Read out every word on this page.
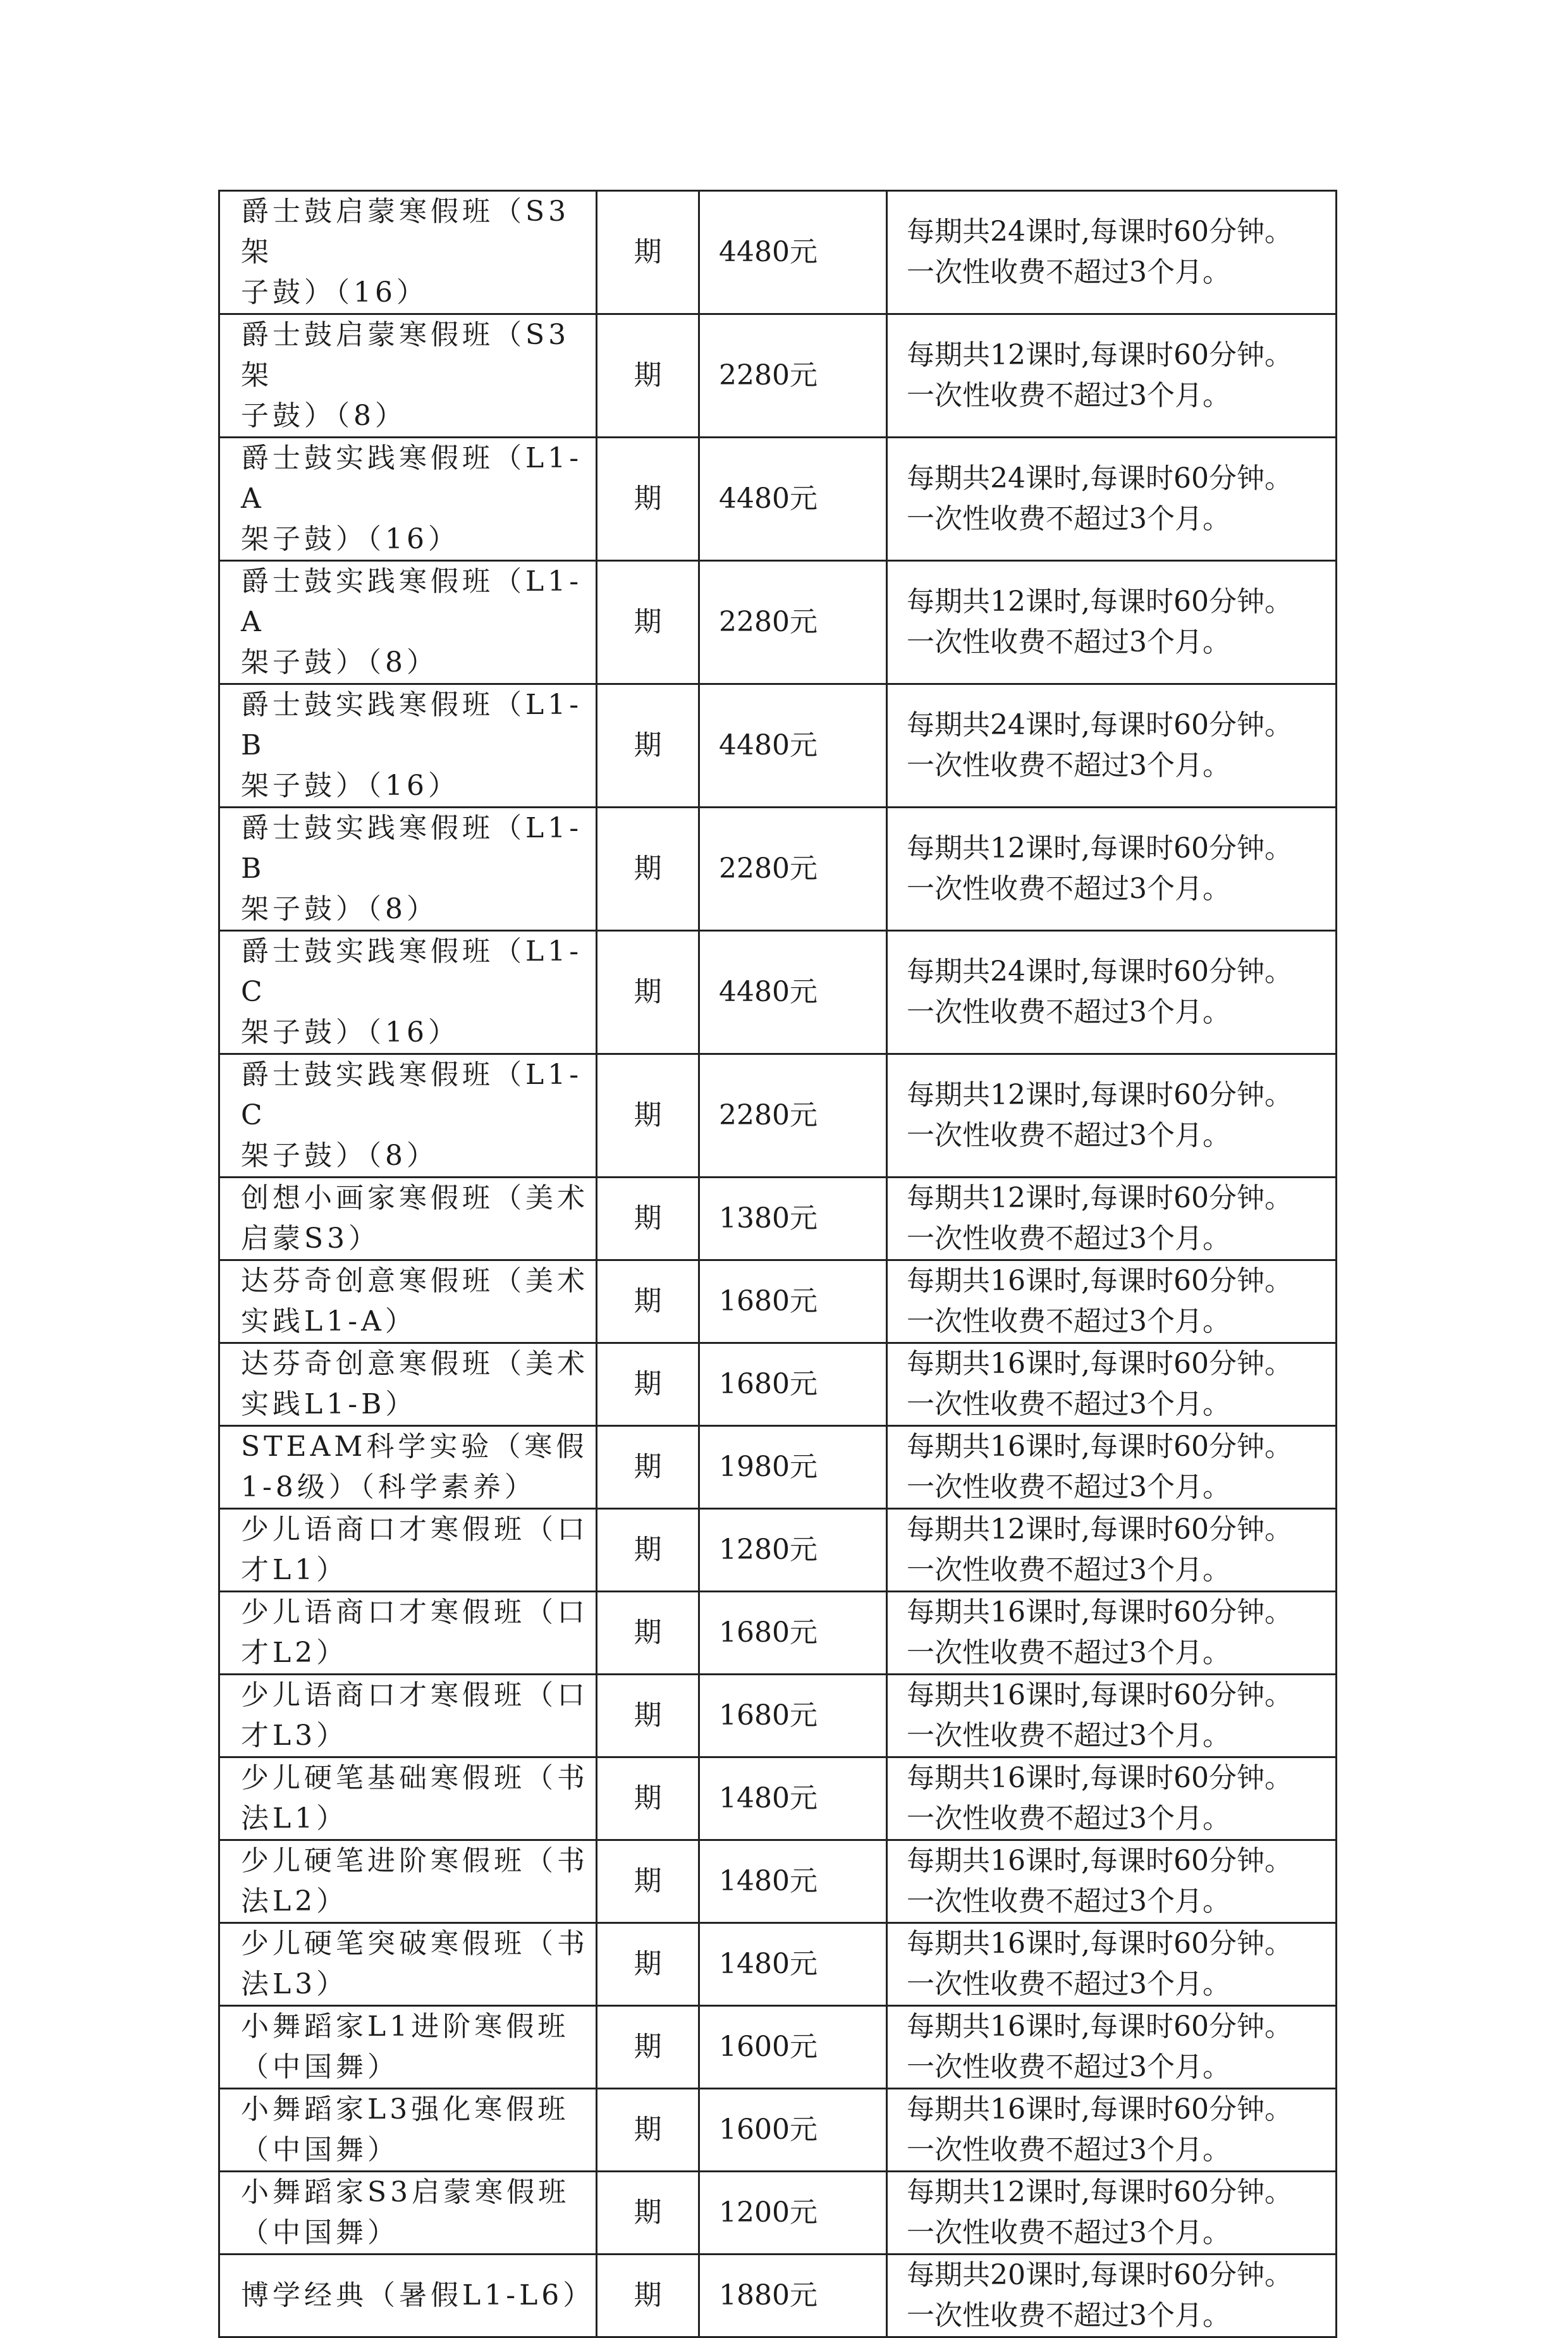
爵士鼓启蒙寒假班（S3架
子鼓）（16）	期	4480元	每期共24课时,每课时60分钟。
一次性收费不超过3个月。

爵士鼓启蒙寒假班（S3架
子鼓）（8）	期	2280元	每期共12课时,每课时60分钟。
一次性收费不超过3个月。

爵士鼓实践寒假班（L1-A
架子鼓）（16）	期	4480元	每期共24课时,每课时60分钟。
一次性收费不超过3个月。

爵士鼓实践寒假班（L1-A
架子鼓）（8）	期	2280元	每期共12课时,每课时60分钟。
一次性收费不超过3个月。

爵士鼓实践寒假班（L1-B
架子鼓）（16）	期	4480元	每期共24课时,每课时60分钟。
一次性收费不超过3个月。

爵士鼓实践寒假班（L1-B
架子鼓）（8）	期	2280元	每期共12课时,每课时60分钟。
一次性收费不超过3个月。

爵士鼓实践寒假班（L1-C
架子鼓）（16）	期	4480元	每期共24课时,每课时60分钟。
一次性收费不超过3个月。

爵士鼓实践寒假班（L1-C
架子鼓）（8）	期	2280元	每期共12课时,每课时60分钟。
一次性收费不超过3个月。

创想小画家寒假班（美术
启蒙S3）	期	1380元	每期共12课时,每课时60分钟。
一次性收费不超过3个月。

达芬奇创意寒假班（美术
实践L1-A）	期	1680元	每期共16课时,每课时60分钟。
一次性收费不超过3个月。

达芬奇创意寒假班（美术
实践L1-B）	期	1680元	每期共16课时,每课时60分钟。
一次性收费不超过3个月。

STEAM科学实验（寒假
1-8级）（科学素养）	期	1980元	每期共16课时,每课时60分钟。
一次性收费不超过3个月。

少儿语商口才寒假班（口
才L1）	期	1280元	每期共12课时,每课时60分钟。
一次性收费不超过3个月。

少儿语商口才寒假班（口
才L2）	期	1680元	每期共16课时,每课时60分钟。
一次性收费不超过3个月。

少儿语商口才寒假班（口
才L3）	期	1680元	每期共16课时,每课时60分钟。
一次性收费不超过3个月。

少儿硬笔基础寒假班（书
法L1）	期	1480元	每期共16课时,每课时60分钟。
一次性收费不超过3个月。

少儿硬笔进阶寒假班（书
法L2）	期	1480元	每期共16课时,每课时60分钟。
一次性收费不超过3个月。

少儿硬笔突破寒假班（书
法L3）	期	1480元	每期共16课时,每课时60分钟。
一次性收费不超过3个月。

小舞蹈家L1进阶寒假班
（中国舞）	期	1600元	每期共16课时,每课时60分钟。
一次性收费不超过3个月。

小舞蹈家L3强化寒假班
（中国舞）	期	1600元	每期共16课时,每课时60分钟。
一次性收费不超过3个月。

小舞蹈家S3启蒙寒假班
（中国舞）	期	1200元	每期共12课时,每课时60分钟。
一次性收费不超过3个月。

博学经典（暑假L1-L6）	期	1880元	每期共20课时,每课时60分钟。
一次性收费不超过3个月。
